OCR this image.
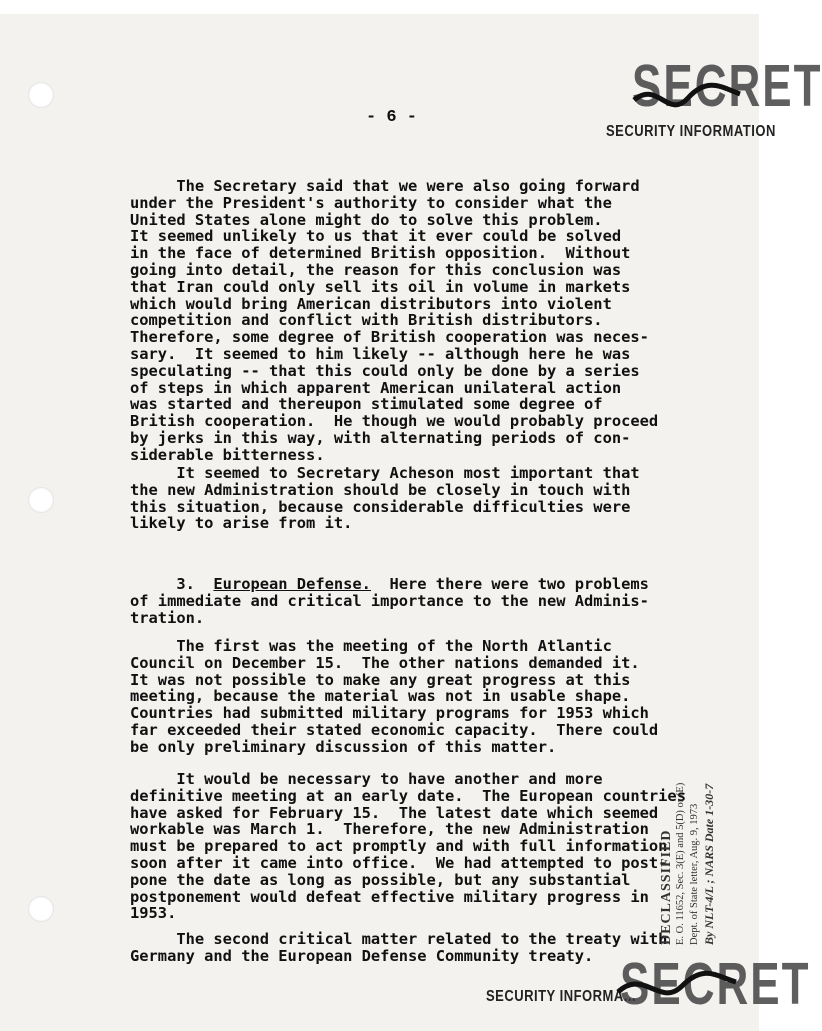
SECRET
SECURITY INFORMATION
- 6 -
The Secretary said that we were also going forward
under the President's authority to consider what the
United States alone might do to solve this problem.
It seemed unlikely to us that it ever could be solved
in the face of determined British opposition.  Without
going into detail, the reason for this conclusion was
that Iran could only sell its oil in volume in markets
which would bring American distributors into violent
competition and conflict with British distributors.
Therefore, some degree of British cooperation was neces-
sary.  It seemed to him likely -- although here he was
speculating -- that this could only be done by a series
of steps in which apparent American unilateral action
was started and thereupon stimulated some degree of
British cooperation.  He though we would probably proceed
by jerks in this way, with alternating periods of con-
siderable bitterness.
It seemed to Secretary Acheson most important that
the new Administration should be closely in touch with
this situation, because considerable difficulties were
likely to arise from it.
3.  European Defense.  Here there were two problems
of immediate and critical importance to the new Adminis-
tration.
The first was the meeting of the North Atlantic
Council on December 15.  The other nations demanded it.
It was not possible to make any great progress at this
meeting, because the material was not in usable shape.
Countries had submitted military programs for 1953 which
far exceeded their stated economic capacity.  There could
be only preliminary discussion of this matter.
It would be necessary to have another and more
definitive meeting at an early date.  The European countries
have asked for February 15.  The latest date which seemed
workable was March 1.  Therefore, the new Administration
must be prepared to act promptly and with full information
soon after it came into office.  We had attempted to post-
pone the date as long as possible, but any substantial
postponement would defeat effective military progress in
1953.
The second critical matter related to the treaty with
Germany and the European Defense Community treaty.
DECLASSIFIED E. O. 11652, Sec. 3(E) and 5(D) or (E) Dept. of State letter, Aug. 9, 1973 By NLT-4/L ; NARS Date 1-30-7
SECURITY INFORMA...
SECRET
